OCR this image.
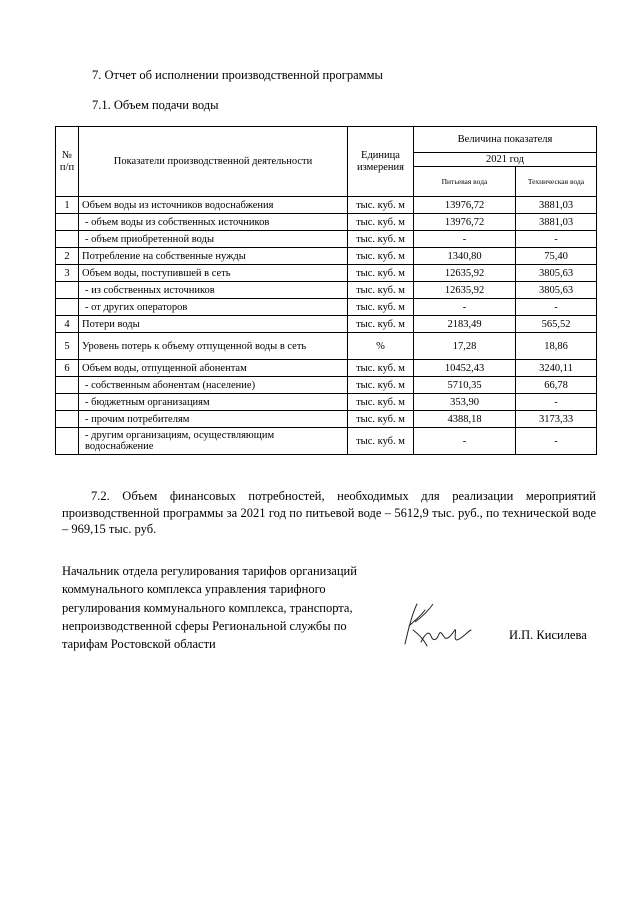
7. Отчет об исполнении производственной программы
7.1. Объем подачи воды
№ п/п	Показатели производственной деятельности	Единица измерения	Величина показателя	
			2021 год	
			Питьевая вода	Техническая вода
1	Объем воды из источников водоснабжения	тыс. куб. м	13976,72	3881,03
	- объем воды из собственных источников	тыс. куб. м	13976,72	3881,03
	- объем приобретенной воды	тыс. куб. м	-	-
2	Потребление на собственные нужды	тыс. куб. м	1340,80	75,40
3	Объем воды, поступившей в сеть	тыс. куб. м	12635,92	3805,63
	- из собственных источников	тыс. куб. м	12635,92	3805,63
	- от других операторов	тыс. куб. м	-	-
4	Потери воды	тыс. куб. м	2183,49	565,52
5	Уровень потерь к объему отпущенной воды в сеть	%	17,28	18,86
6	Объем воды, отпущенной абонентам	тыс. куб. м	10452,43	3240,11
	- собственным абонентам (население)	тыс. куб. м	5710,35	66,78
	- бюджетным организациям	тыс. куб. м	353,90	-
	- прочим потребителям	тыс. куб. м	4388,18	3173,33
	- другим организациям, осуществляющим водоснабжение	тыс. куб. м	-	-

7.2. Объем финансовых потребностей, необходимых для реализации мероприятий производственной программы за 2021 год по питьевой воде – 5612,9 тыс. руб., по технической воде – 969,15 тыс. руб.

Начальник отдела регулирования тарифов организаций
коммунального комплекса управления тарифного
регулирования коммунального комплекса, транспорта,
непроизводственной сферы Региональной службы по
тарифам Ростовской области
И.П. Кисилева
